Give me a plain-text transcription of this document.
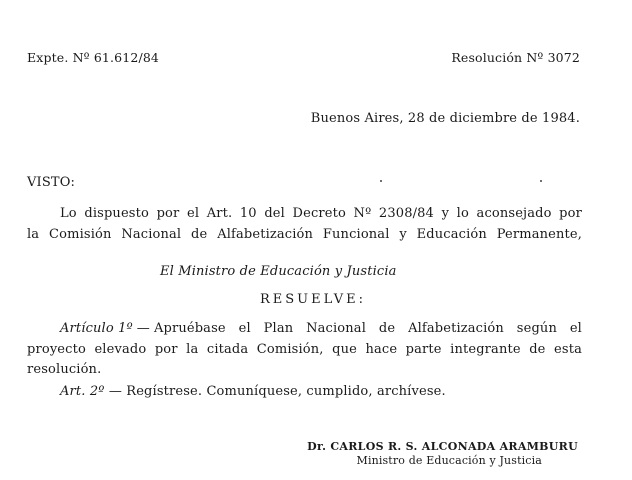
Expte. Nº 61.612/84	Resolución Nº 3072
Buenos Aires, 28 de diciembre de 1984.
VISTO:
Lo dispuesto por el Art. 10 del Decreto Nº 2308/84 y lo aconsejado por
la Comisión Nacional de Alfabetización Funcional y Educación Permanente,
El Ministro de Educación y Justicia
RESUELVE:
Artículo 1º — Apruébase el Plan Nacional de Alfabetización según el
proyecto elevado por la citada Comisión, que hace parte integrante de esta
resolución.
Art. 2º — Regístrese. Comuníquese, cumplido, archívese.
Dr. CARLOS R. S. ALCONADA ARAMBURU
Ministro de Educación y Justicia
